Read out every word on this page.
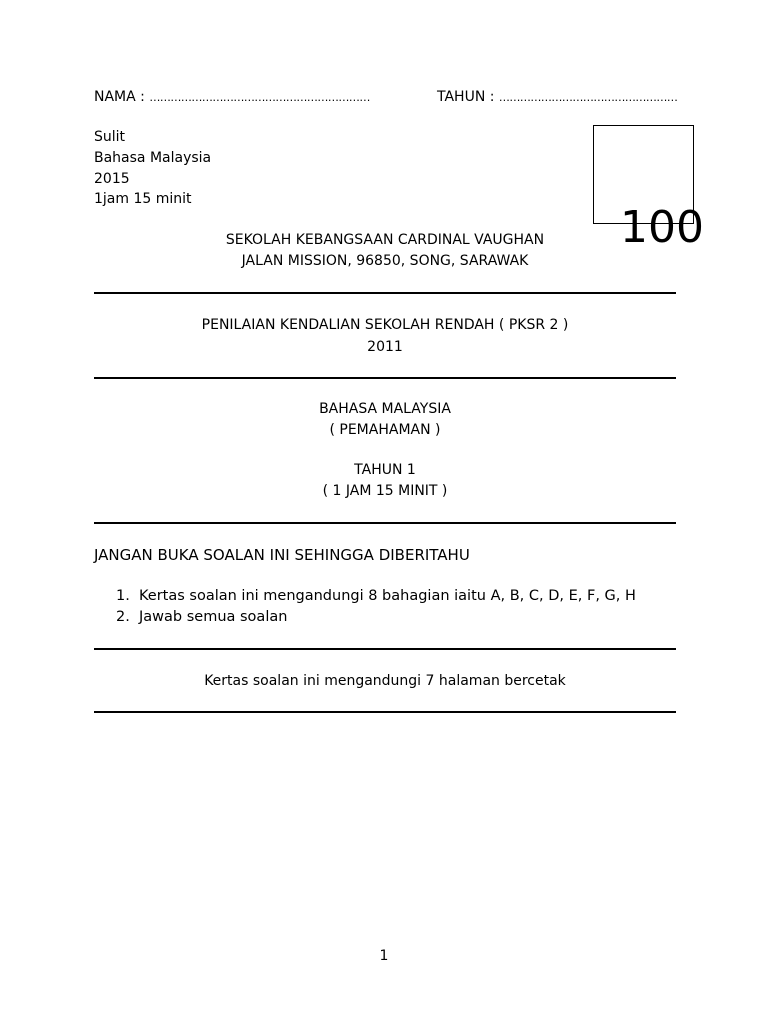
NAMA : ………………………………………………………	TAHUN : ……………………………………………
Sulit
Bahasa Malaysia
2015
1jam 15 minit
100
SEKOLAH KEBANGSAAN CARDINAL VAUGHAN
JALAN MISSION, 96850, SONG, SARAWAK
PENILAIAN KENDALIAN SEKOLAH RENDAH ( PKSR 2 )
2011
BAHASA MALAYSIA
( PEMAHAMAN )
TAHUN 1
( 1 JAM 15 MINIT )
JANGAN BUKA SOALAN INI SEHINGGA DIBERITAHU
1. Kertas soalan ini mengandungi 8 bahagian iaitu A, B, C, D, E, F, G, H
2. Jawab semua soalan
Kertas soalan ini mengandungi 7 halaman bercetak
1
